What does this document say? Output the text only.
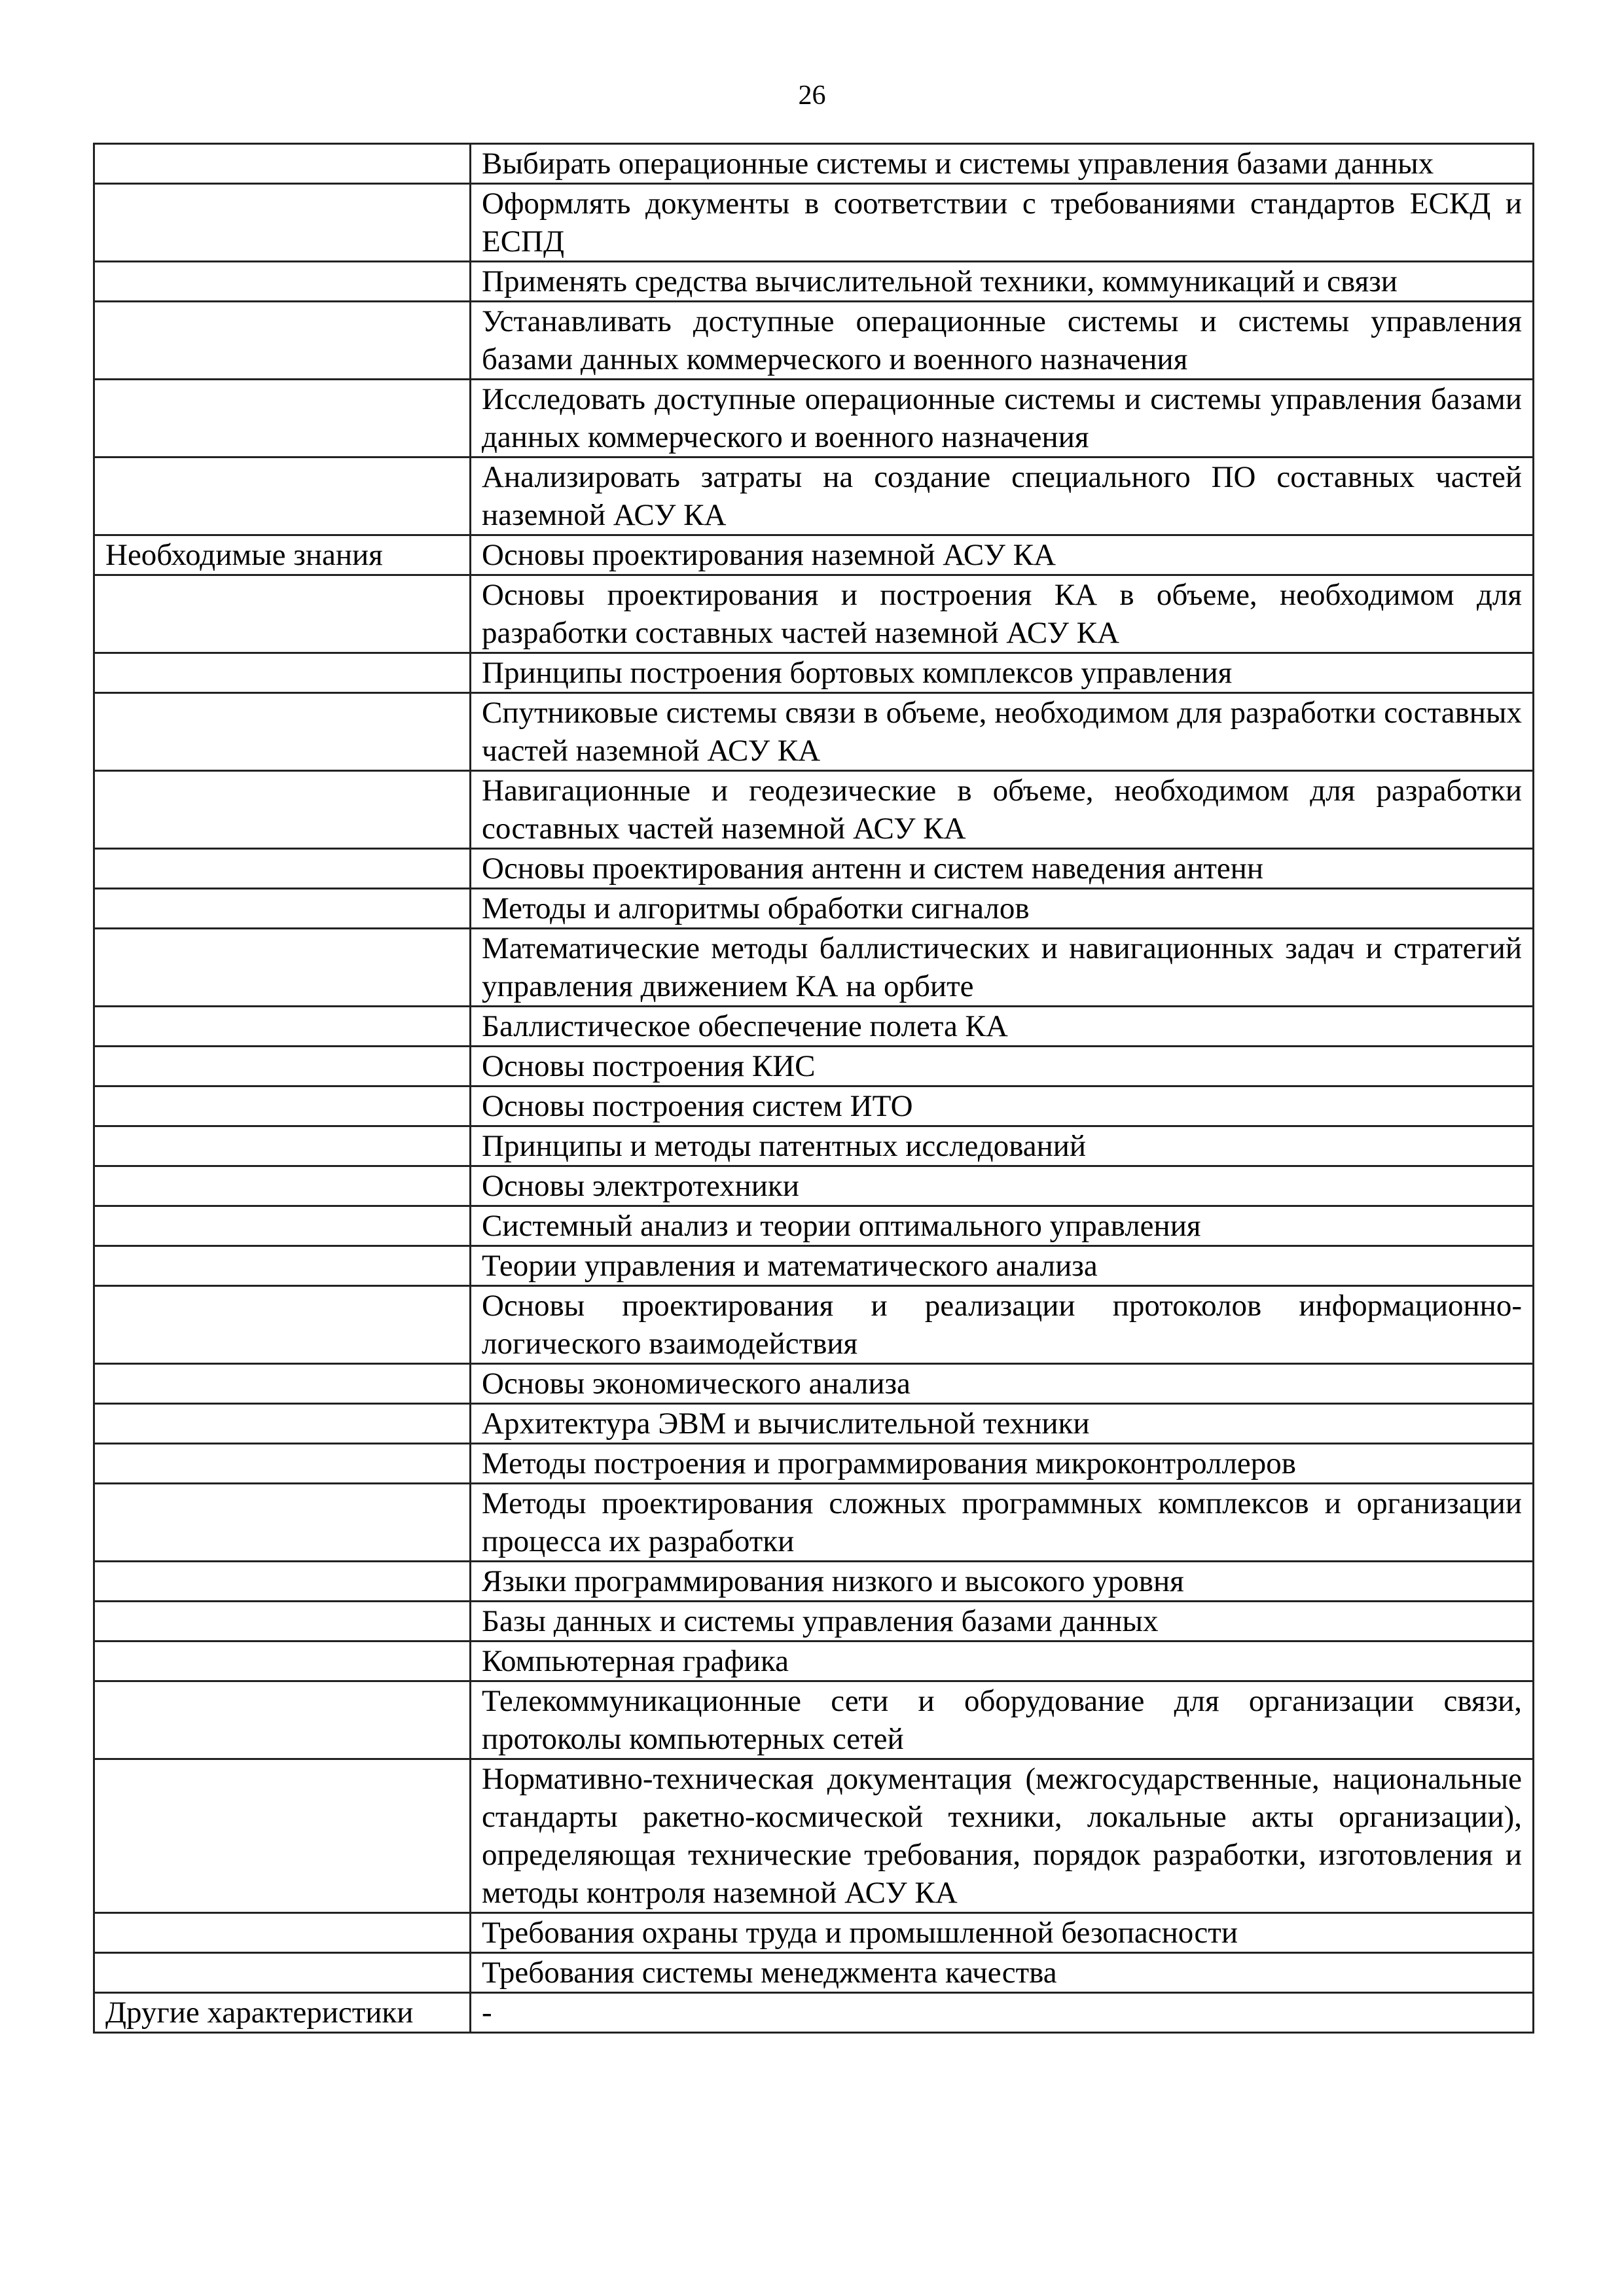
26
	Выбирать операционные системы и системы управления базами данных
	Оформлять документы в соответствии с требованиями стандартов ЕСКД и ЕСПД
	Применять средства вычислительной техники, коммуникаций и связи
	Устанавливать доступные операционные системы и системы управления базами данных коммерческого и военного назначения
	Исследовать доступные операционные системы и системы управления базами данных коммерческого и военного назначения
	Анализировать затраты на создание специального ПО составных частей наземной АСУ КА
Необходимые знания	Основы проектирования наземной АСУ КА
	Основы проектирования и построения КА в объеме, необходимом для разработки составных частей наземной АСУ КА
	Принципы построения бортовых комплексов управления
	Спутниковые системы связи в объеме, необходимом для разработки составных частей наземной АСУ КА
	Навигационные и геодезические в объеме, необходимом для разработки составных частей наземной АСУ КА
	Основы проектирования антенн и систем наведения антенн
	Методы и алгоритмы обработки сигналов
	Математические методы баллистических и навигационных задач и стратегий управления движением КА на орбите
	Баллистическое обеспечение полета КА
	Основы построения КИС
	Основы построения систем ИТО
	Принципы и методы патентных исследований
	Основы электротехники
	Системный анализ и теории оптимального управления
	Теории управления и математического анализа
	Основы проектирования и реализации протоколов информационно-логического взаимодействия
	Основы экономического анализа
	Архитектура ЭВМ и вычислительной техники
	Методы построения и программирования микроконтроллеров
	Методы проектирования сложных программных комплексов и организации процесса их разработки
	Языки программирования низкого и высокого уровня
	Базы данных и системы управления базами данных
	Компьютерная графика
	Телекоммуникационные сети и оборудование для организации связи, протоколы компьютерных сетей
	Нормативно-техническая документация (межгосударственные, национальные стандарты ракетно-космической техники, локальные акты организации), определяющая технические требования, порядок разработки, изготовления и методы контроля наземной АСУ КА
	Требования охраны труда и промышленной безопасности
	Требования системы менеджмента качества
Другие характеристики	-
